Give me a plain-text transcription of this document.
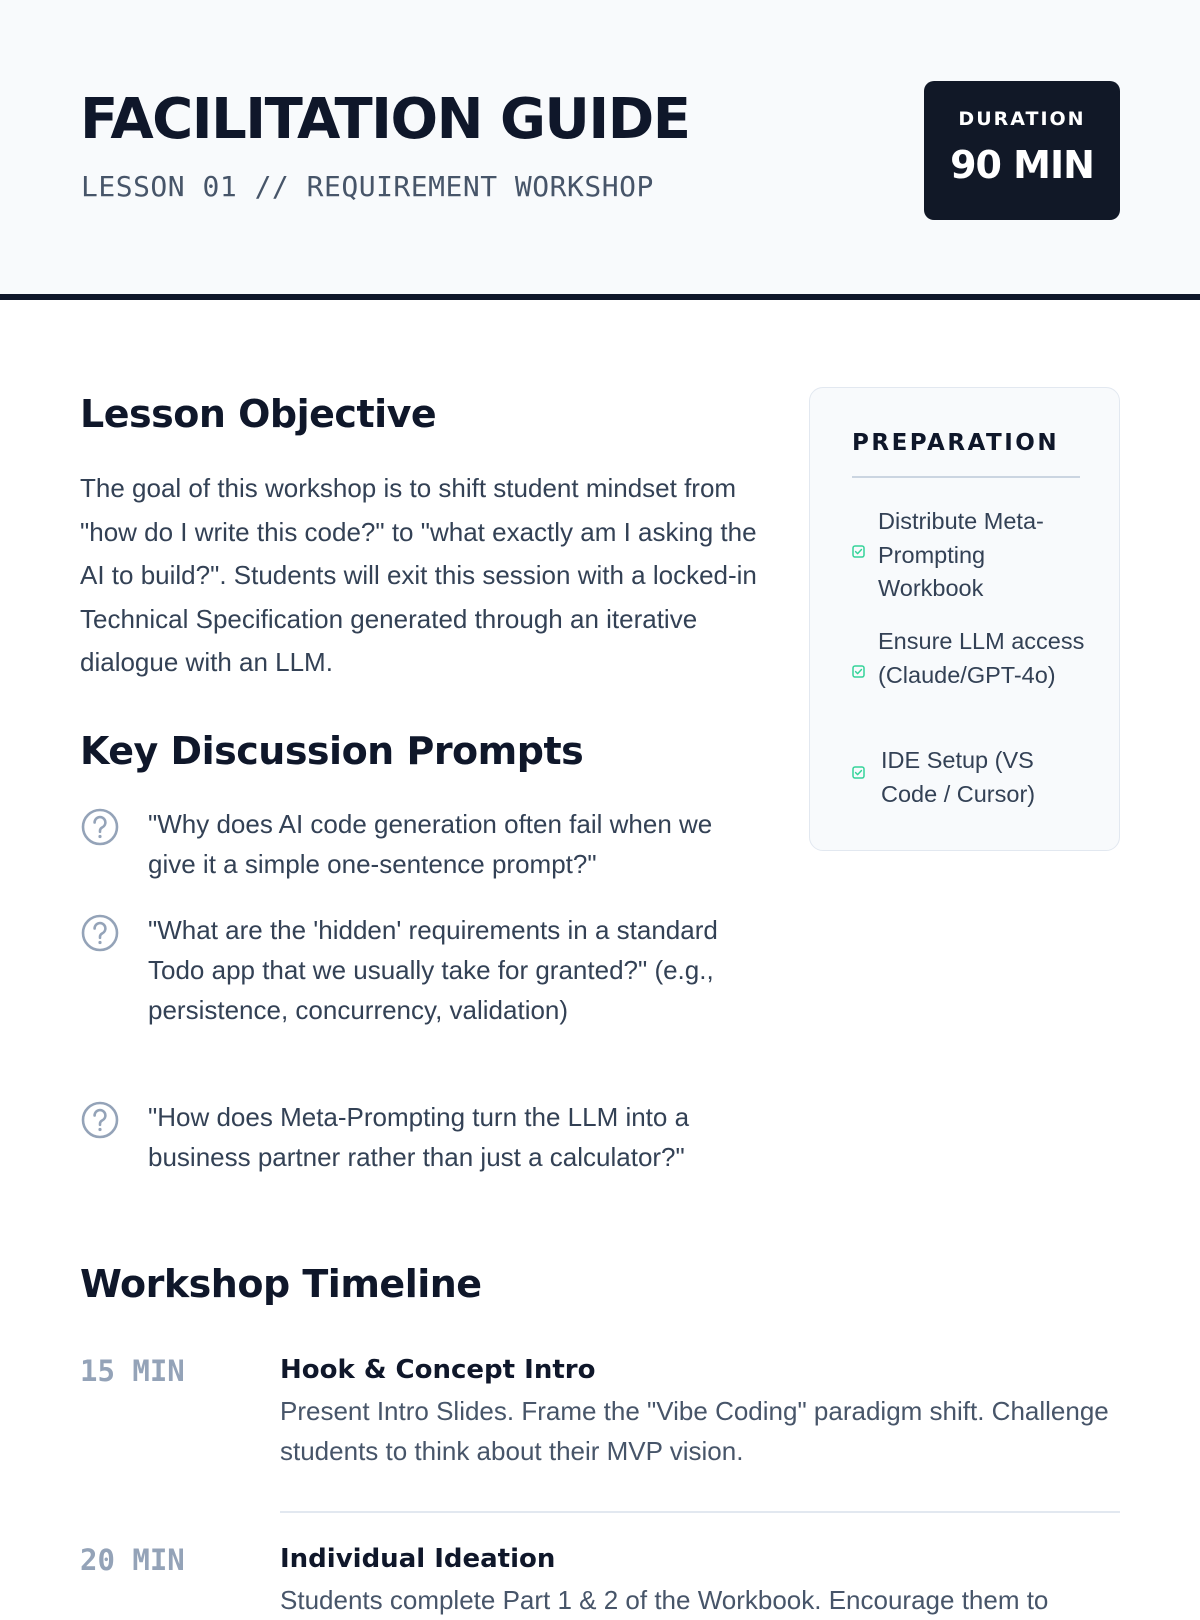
FACILITATION GUIDE
LESSON 01 // REQUIREMENT WORKSHOP
DURATION
90 MIN
Lesson Objective

The goal of this workshop is to shift student mindset from "how do I write this code?" to "what exactly am I asking the AI to build?". Students will exit this session with a locked-in Technical Specification generated through an iterative dialogue with an LLM.

Key Discussion Prompts
"Why does AI code generation often fail when we give it a simple one-sentence prompt?"
"What are the 'hidden' requirements in a standard Todo app that we usually take for granted?" (e.g., persistence, concurrency, validation)
"How does Meta-Prompting turn the LLM into a business partner rather than just a calculator?"
PREPARATION
Distribute Meta-Prompting Workbook
Ensure LLM access (Claude/GPT-4o)
IDE Setup (VS Code / Cursor)
Workshop Timeline
15 MIN	Hook & Concept Intro
Present Intro Slides. Frame the "Vibe Coding" paradigm shift. Challenge students to think about their MVP vision.
20 MIN	Individual Ideation
Students complete Part 1 & 2 of the Workbook. Encourage them to
